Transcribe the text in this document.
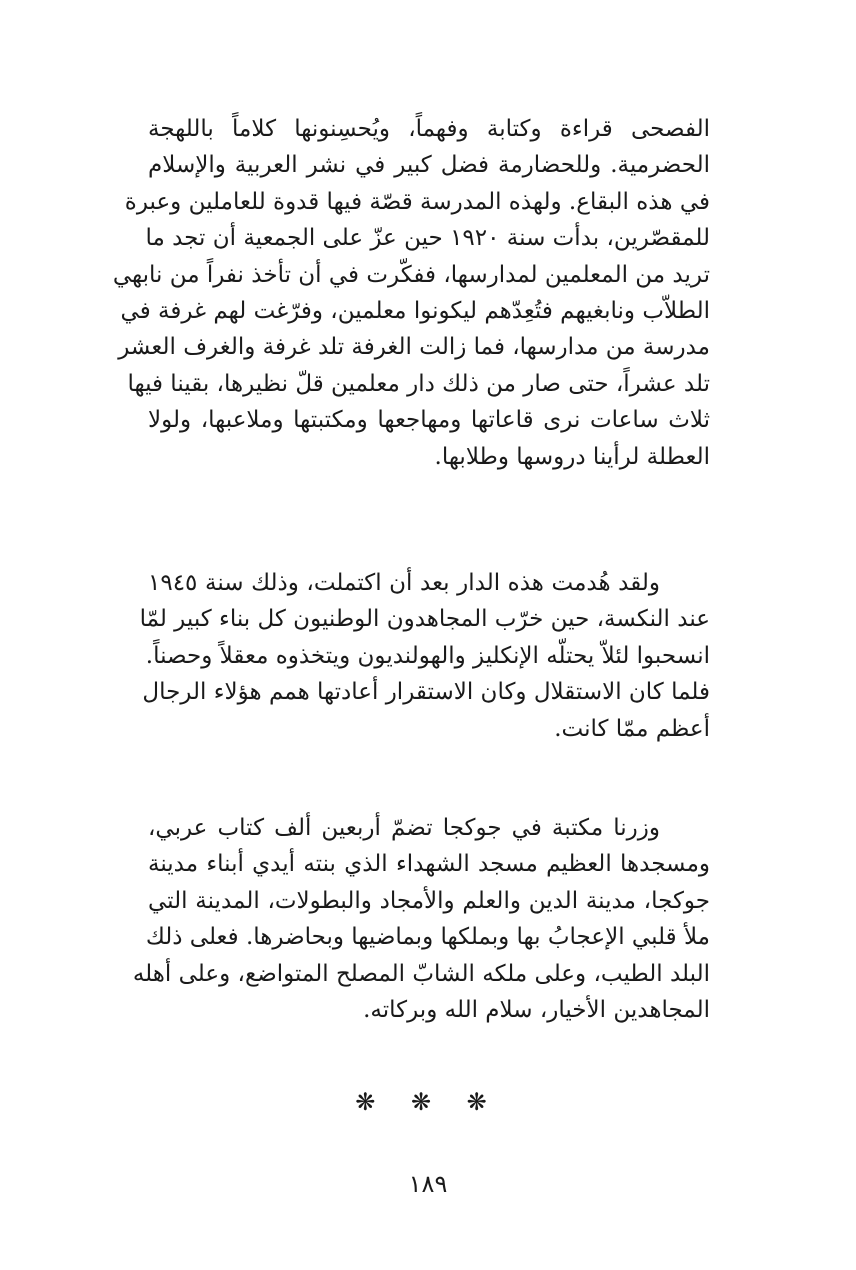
الفصحى قراءة وكتابة وفهماً، ويُحسِنونها كلاماً باللهجة
الحضرمية. وللحضارمة فضل كبير في نشر العربية والإسلام
في هذه البقاع. ولهذه المدرسة قصّة فيها قدوة للعاملين وعبرة
للمقصّرين، بدأت سنة ١٩٢٠ حين عزّ على الجمعية أن تجد ما
تريد من المعلمين لمدارسها، ففكّرت في أن تأخذ نفراً من نابهي
الطلاّب ونابغيهم فتُعِدّهم ليكونوا معلمين، وفرّغت لهم غرفة في
مدرسة من مدارسها، فما زالت الغرفة تلد غرفة والغرف العشر
تلد عشراً، حتى صار من ذلك دار معلمين قلّ نظيرها، بقينا فيها
ثلاث ساعات نرى قاعاتها ومهاجعها ومكتبتها وملاعبها، ولولا
العطلة لرأينا دروسها وطلابها.
ولقد هُدمت هذه الدار بعد أن اكتملت، وذلك سنة ١٩٤٥
عند النكسة، حين خرّب المجاهدون الوطنيون كل بناء كبير لمّا
انسحبوا لئلاّ يحتلّه الإنكليز والهولنديون ويتخذوه معقلاً وحصناً.
فلما كان الاستقلال وكان الاستقرار أعادتها همم هؤلاء الرجال
أعظم ممّا كانت.
وزرنا مكتبة في جوكجا تضمّ أربعين ألف كتاب عربي،
ومسجدها العظيم مسجد الشهداء الذي بنته أيدي أبناء مدينة
جوكجا، مدينة الدين والعلم والأمجاد والبطولات، المدينة التي
ملأ قلبي الإعجابُ بها وبملكها وبماضيها وبحاضرها. فعلى ذلك
البلد الطيب، وعلى ملكه الشابّ المصلح المتواضع، وعلى أهله
المجاهدين الأخيار، سلام الله وبركاته.
❋ ❋ ❋
١٨٩
